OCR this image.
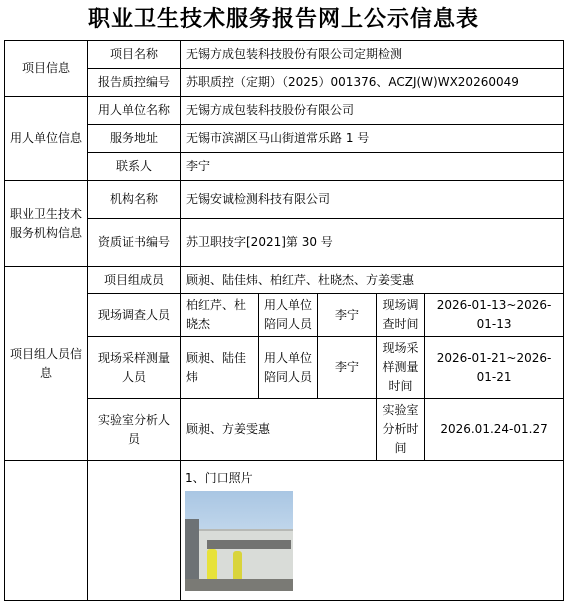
职业卫生技术服务报告网上公示信息表
项目信息	项目名称	无锡方成包装科技股份有限公司定期检测				
	报告质控编号	苏职质控（定期）（2025）001376、ACZJ(W)WX20260049				
用人单位信息	用人单位名称	无锡方成包装科技股份有限公司				
	服务地址	无锡市滨湖区马山街道常乐路 1 号				
	联系人	李宁				
职业卫生技术服务机构信息	机构名称	无锡安诚检测科技有限公司				
	资质证书编号	苏卫职技字[2021]第 30 号				
项目组人员信息	项目组成员	顾昶、陆佳炜、柏红芹、杜晓杰、方姜雯惠				
	现场调查人员	柏红芹、杜晓杰	用人单位陪同人员	李宁	现场调查时间	2026-01-13~2026-01-13
	现场采样测量人员	顾昶、陆佳炜	用人单位陪同人员	李宁	现场采样测量时间	2026-01-21~2026-01-21
	实验室分析人员	顾昶、方姜雯惠			实验室分析时间	2026.01.24-01.27

		1、门口照片				
